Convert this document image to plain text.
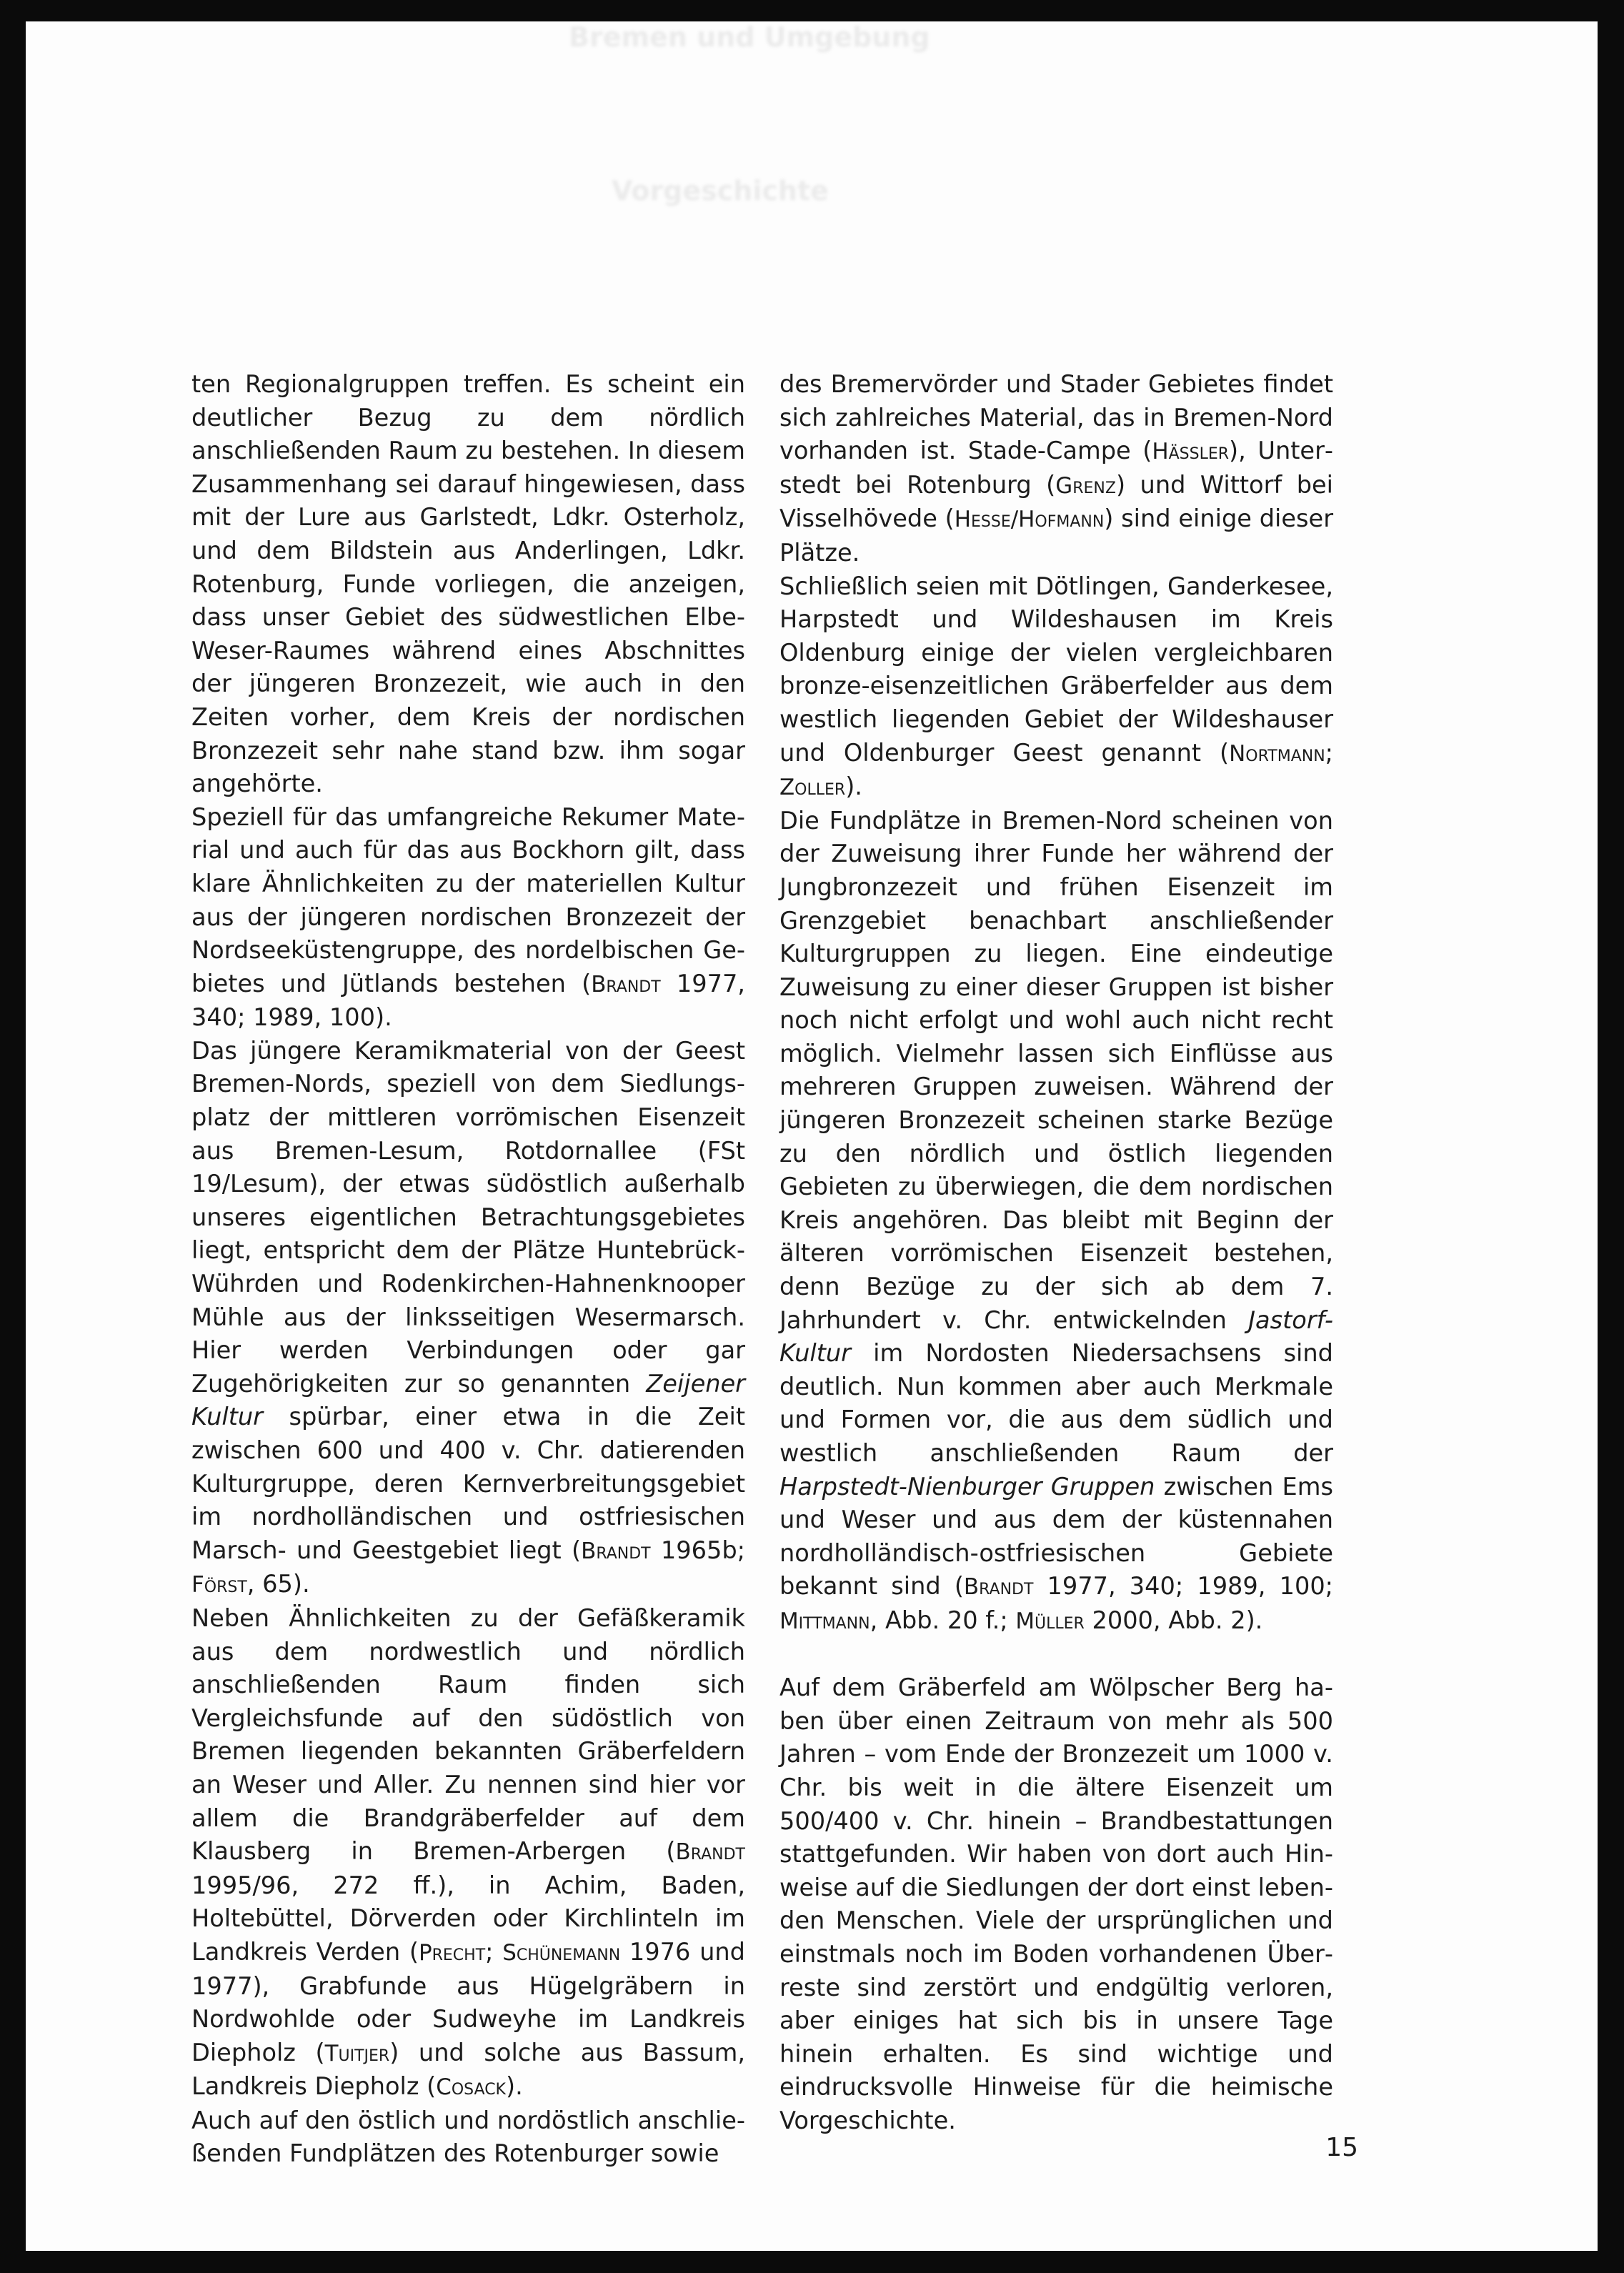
Bremen und Umgebung
Vorgeschichte

ten Regionalgruppen treffen. Es scheint ein deutlicher Bezug zu dem nördlich anschließenden Raum zu bestehen. In diesem Zusammenhang sei darauf hingewiesen, dass mit der Lure aus Garlstedt, Ldkr. Osterholz, und dem Bildstein aus Anderlingen, Ldkr. Rotenburg, Funde vorliegen, die anzeigen, dass unser Gebiet des südwestlichen Elbe-Weser-Raumes während eines Abschnittes der jüngeren Bronzezeit, wie auch in den Zeiten vorher, dem Kreis der nordischen Bronzezeit sehr nahe stand bzw. ihm sogar angehörte.

Speziell für das umfangreiche Rekumer Material und auch für das aus Bockhorn gilt, dass klare Ähnlichkeiten zu der materiellen Kultur aus der jüngeren nordischen Bronzezeit der Nordseeküstengruppe, des nordelbischen Gebietes und Jütlands bestehen (Brandt 1977, 340; 1989, 100).

Das jüngere Keramikmaterial von der Geest Bremen-Nords, speziell von dem Siedlungsplatz der mittleren vorrömischen Eisenzeit aus Bremen-Lesum, Rotdornallee (FSt 19/Lesum), der etwas südöstlich außerhalb unseres eigentlichen Betrachtungsgebietes liegt, entspricht dem der Plätze Huntebrück-Wührden und Rodenkirchen-Hahnenknooper Mühle aus der linksseitigen Wesermarsch. Hier werden Verbindungen oder gar Zugehörigkeiten zur so genannten Zeijener Kultur spürbar, einer etwa in die Zeit zwischen 600 und 400 v. Chr. datierenden Kulturgruppe, deren Kernverbreitungsgebiet im nordholländischen und ostfriesischen Marsch- und Geestgebiet liegt (Brandt 1965b; Först, 65).

Neben Ähnlichkeiten zu der Gefäßkeramik aus dem nordwestlich und nördlich anschließenden Raum finden sich Vergleichsfunde auf den südöstlich von Bremen liegenden bekannten Gräberfeldern an Weser und Aller. Zu nennen sind hier vor allem die Brandgräberfelder auf dem Klausberg in Bremen-Arbergen (Brandt 1995/96, 272 ff.), in Achim, Baden, Holtebüttel, Dörverden oder Kirchlinteln im Landkreis Verden (Precht; Schünemann 1976 und 1977), Grabfunde aus Hügelgräbern in Nordwohlde oder Sudweyhe im Landkreis Diepholz (Tuitjer) und solche aus Bassum, Landkreis Diepholz (Cosack).

Auch auf den östlich und nordöstlich anschließenden Fundplätzen des Rotenburger sowie

des Bremervörder und Stader Gebietes findet sich zahlreiches Material, das in Bremen-Nord vorhanden ist. Stade-Campe (Hässler), Unterstedt bei Rotenburg (Grenz) und Wittorf bei Visselhövede (Hesse/Hofmann) sind einige dieser Plätze.

Schließlich seien mit Dötlingen, Ganderkesee, Harpstedt und Wildeshausen im Kreis Oldenburg einige der vielen vergleichbaren bronze-eisenzeitlichen Gräberfelder aus dem westlich liegenden Gebiet der Wildeshauser und Oldenburger Geest genannt (Nortmann; Zoller).

Die Fundplätze in Bremen-Nord scheinen von der Zuweisung ihrer Funde her während der Jungbronzezeit und frühen Eisenzeit im Grenzgebiet benachbart anschließender Kulturgruppen zu liegen. Eine eindeutige Zuweisung zu einer dieser Gruppen ist bisher noch nicht erfolgt und wohl auch nicht recht möglich. Vielmehr lassen sich Einflüsse aus mehreren Gruppen zuweisen. Während der jüngeren Bronzezeit scheinen starke Bezüge zu den nördlich und östlich liegenden Gebieten zu überwiegen, die dem nordischen Kreis angehören. Das bleibt mit Beginn der älteren vorrömischen Eisenzeit bestehen, denn Bezüge zu der sich ab dem 7. Jahrhundert v. Chr. entwickelnden Jastorf-Kultur im Nordosten Niedersachsens sind deutlich. Nun kommen aber auch Merkmale und Formen vor, die aus dem südlich und westlich anschließenden Raum der Harpstedt-Nienburger Gruppen zwischen Ems und Weser und aus dem der küstennahen nordholländisch-ostfriesischen Gebiete bekannt sind (Brandt 1977, 340; 1989, 100; Mittmann, Abb. 20 f.; Müller 2000, Abb. 2).

Auf dem Gräberfeld am Wölpscher Berg haben über einen Zeitraum von mehr als 500 Jahren – vom Ende der Bronzezeit um 1000 v. Chr. bis weit in die ältere Eisenzeit um 500/400 v. Chr. hinein – Brandbestattungen stattgefunden. Wir haben von dort auch Hinweise auf die Siedlungen der dort einst lebenden Menschen. Viele der ursprünglichen und einstmals noch im Boden vorhandenen Überreste sind zerstört und endgültig verloren, aber einiges hat sich bis in unsere Tage hinein erhalten. Es sind wichtige und eindrucksvolle Hinweise für die heimische Vorgeschichte.

15
